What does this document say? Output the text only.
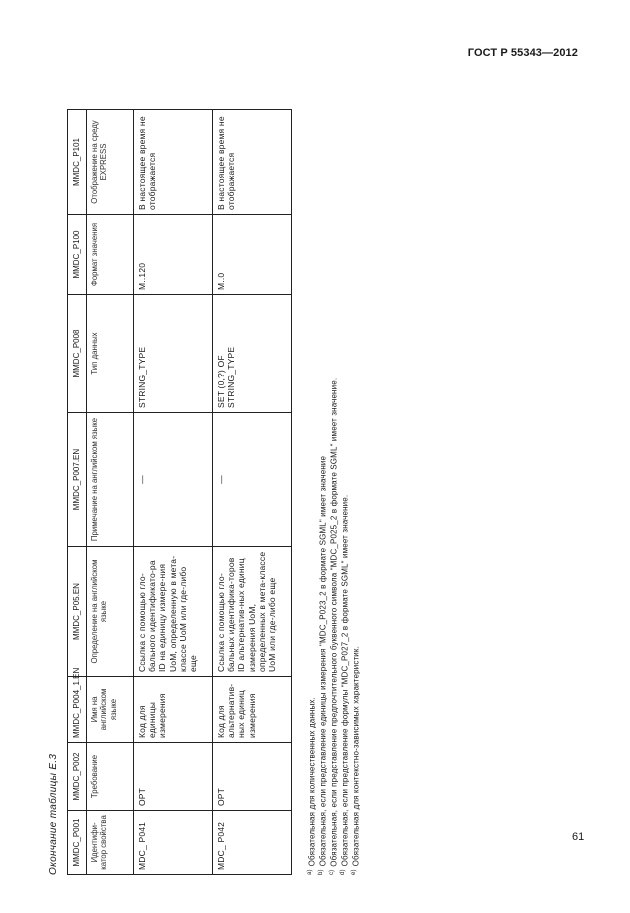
ГОСТ Р 55343—2012
Окончание таблицы Е.3	MMDC_P001	MMDC_P002	MMDC_P004_1.EN	MMDC_P05.EN	MMDC_P007.EN	MMDC_P008	MMDC_P100	MMDC_P101
Идентифи-катор свойства	Требование	Имя на английском языке	Определение на английском языке	Примечание на английском языке	Тип данных	Формат значения	Отображение на среду EXPRESS
MDC_ P041	OPT	Код для единицы измерения	Ссылка с помощью гло-бального идентификато-ра ID на единицу измере-ния UoM, определенную в мета-классе UoM или где-либо еще	—	STRING_TYPE	M..120	В настоящее время не отображается
MDC_ P042	OPT	Код для альтернатив-ных единиц измерения	Ссылка с помощью гло-бальных идентифика-торов ID альтернатив-ных единиц измерения UoM, определенных в мета-классе UoM или где-либо еще	—	SET (0,?) OF STRING_TYPE	M..0	В настоящее время не отображается
$^{a)}$Обязательная для количественных данных.
$^{b)}$Обязательная, если представление единицы измерения "MDC_P023_2 в формате SGML" имеет значение
$^{c)}$Обязательная, если представление предпочтительного буквенного символа "MDC_P025_2 в формате SGML" имеет значение.
$^{d)}$Обязательная, если представление формулы "MDC_P027_2 в формате SGML" имеет значение.
$^{e)}$Обязательная для контекстно-зависимых характеристик.	61
